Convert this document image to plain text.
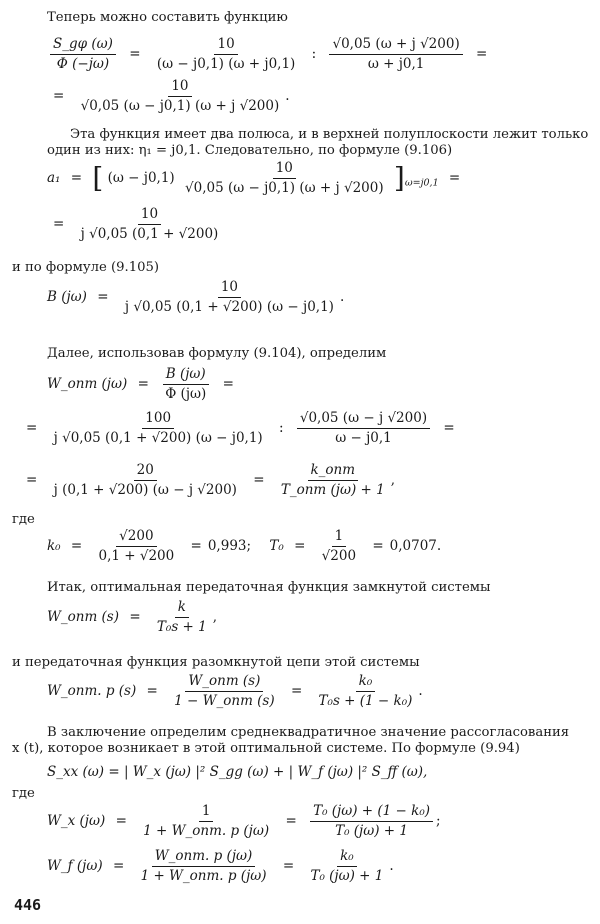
Теперь можно составить функцию
$\frac{S\_g\varphi (\omega)}{\Phi (-j\omega)} = \frac{10}{(\omega - j0,1) (\omega + j0,1)}$ : $\frac{√0,05 (\omega + j √200)}{\omega + j0,1}$ =
= $\frac{10}{√0,05 (\omega - j0,1) (\omega + j √200)}$ .
Эта функция имеет два полюса, и в верхней полуплоскости лежит только
один из них: η₁ = j0,1. Следовательно, по формуле (9.106)
a₁ = [ $(\omega - j0,1) \frac{10}{√0,05 (\omega - j0,1) (\omega + j √200)} ]_{\omega=j0,1}$ =
= $\frac{10}{j √0,05 (0,1 + √200)}$
и по формуле (9.105)
B $(j\omega) = \frac{10}{j √0,05 (0,1 + √200) (\omega - j0,1)}$ .
Далее, использовав формулу (9.104), определим
W_опт $(j\omega) = \frac{B (j\omega)}{\Phi (j\omega)}$ =
= $\frac{100}{j √0,05 (0,1 + √200) (\omega - j0,1)}$ : $\frac{√0,05 (\omega - j √200)}{\omega - j0,1}$ =
= $\frac{20}{j (0,1 + √200) (\omega - j √200)} = \frac{\text{k\_опт}}{\text{T\_опт (jω) + 1}}$ ,
где
$k_0 = \frac{√200}{0,1 + √200} = 0,993$; $T_0 = \frac{1}{√200} = 0,0707$.
Итак, оптимальная передаточная функция замкнутой системы
W_опт $(s) = \frac{k}{\text{T₀s + 1}}$ ,
и передаточная функция разомкнутой цепи этой системы
W_опт. р $(s) = \frac{\text{W\_опт (s)}}{\text{1 − W\_опт (s)}} = \frac{\text{k₀}}{\text{T₀s + (1 − k₀)}}$ .
В заключение определим среднеквадратичное значение рассогласования
x (t), которое возникает в этой оптимальной системе. По формуле (9.94)
S_xx (ω) = | W_x (jω) |² S_gg (ω) + | W_f (jω) |² S_ff (ω),
где
W_x $(j\omega) = \frac{1}{\text{1 + W\_опт. р (jω)}} = \frac{\text{T₀ (jω) + (1 − k₀)}}{\text{T₀ (jω) + 1}}$ ;
W_f $(j\omega) = \frac{\text{W\_опт. р (jω)}}{\text{1 + W\_опт. р (jω)}} = \frac{\text{k₀}}{\text{T₀ (jω) + 1}}$ .
446
